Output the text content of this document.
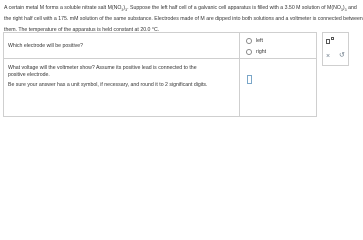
A certain metal M forms a soluble nitrate salt $M(NO_3)_3$. Suppose the left half cell of a galvanic cell apparatus is filled with a 3.50 M solution of $M(NO_3)_3$ and
the right half cell with a 175. mM solution of the same substance. Electrodes made of M are dipped into both solutions and a voltmeter is connected between
them. The temperature of the apparatus is held constant at 20.0 °C.
Which electrode will be positive?
left
right
What voltage will the voltmeter show? Assume its positive lead is connected to the positive electrode.
Be sure your answer has a unit symbol, if necessary, and round it to 2 significant digits.
× ↺
